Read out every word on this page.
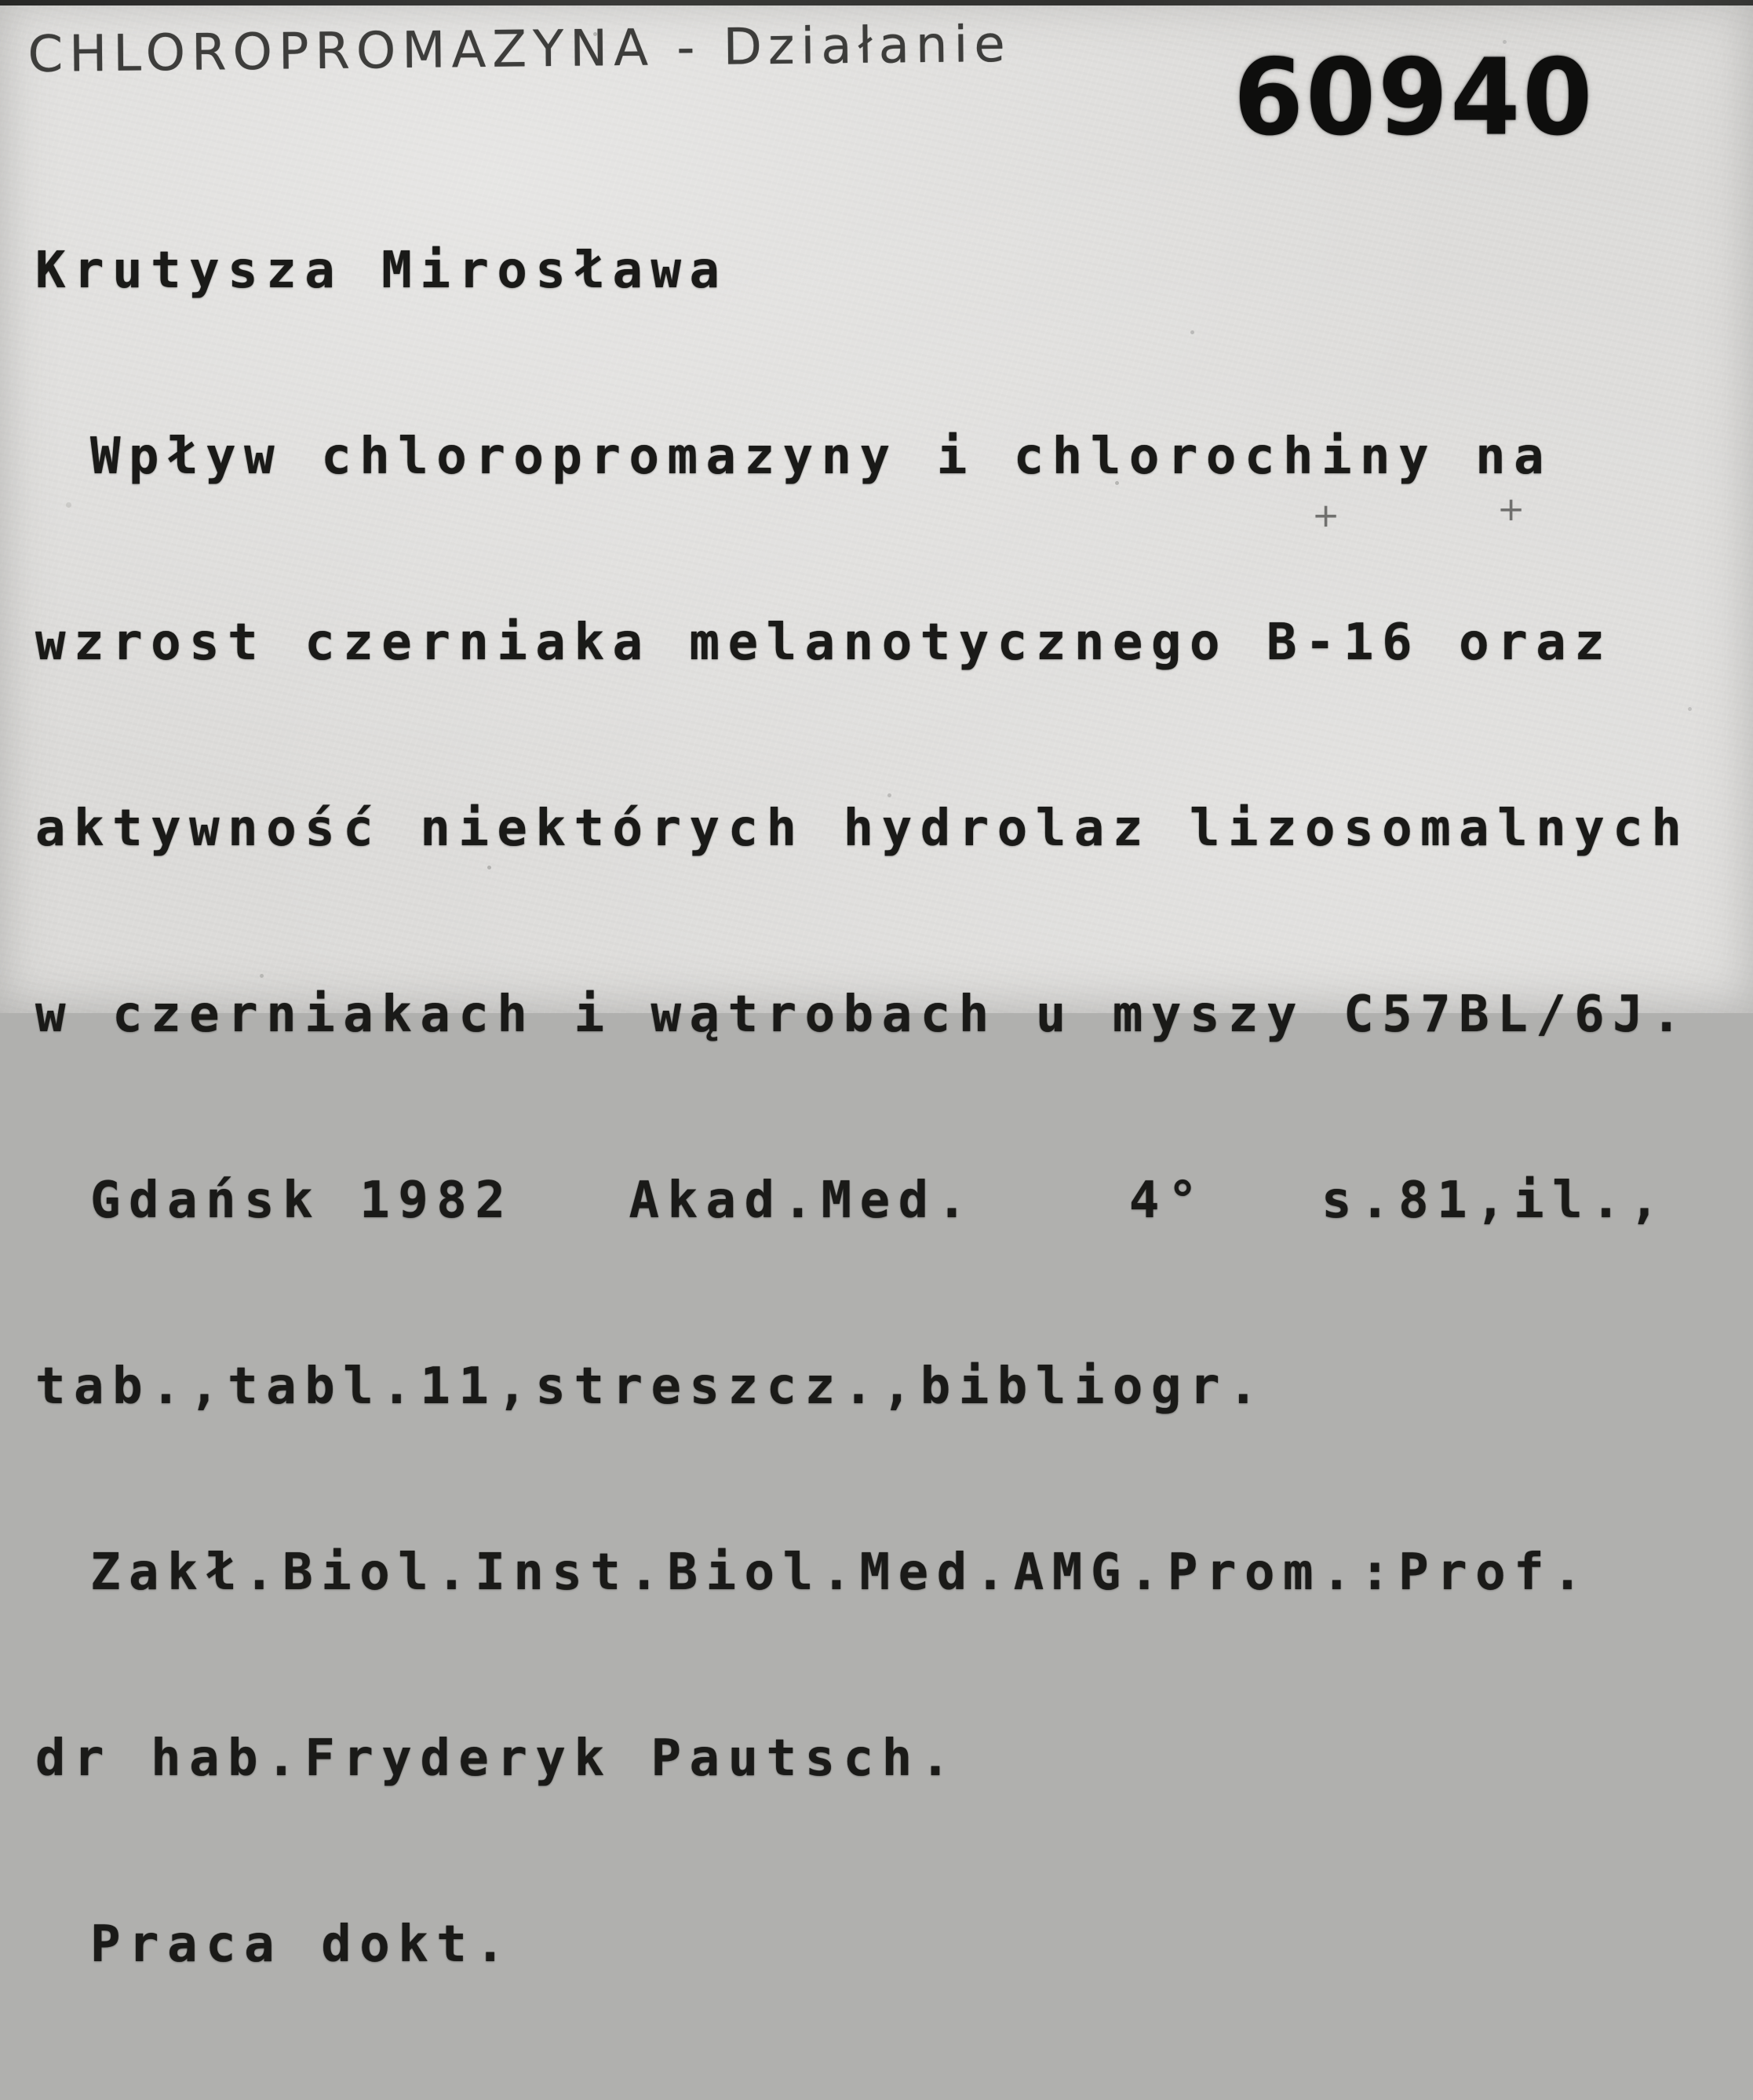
CHLOROPROMAZYNA - Działanie 60940

Krutysza Mirosława

Wpływ chloropromazyny i chlorochiny na

wzrost czerniaka melanotycznego B-16 oraz

aktywność niektórych hydrolaz lizosomalnych

w czerniakach i wątrobach u myszy C57BL/6J.

Gdańsk 1982   Akad.Med.    4°   s.81,il.,

tab.,tabl.11,streszcz.,bibliogr.

Zakł.Biol.Inst.Biol.Med.AMG.Prom.:Prof.

dr hab.Fryderyk Pautsch.

Praca dokt.

+	+
